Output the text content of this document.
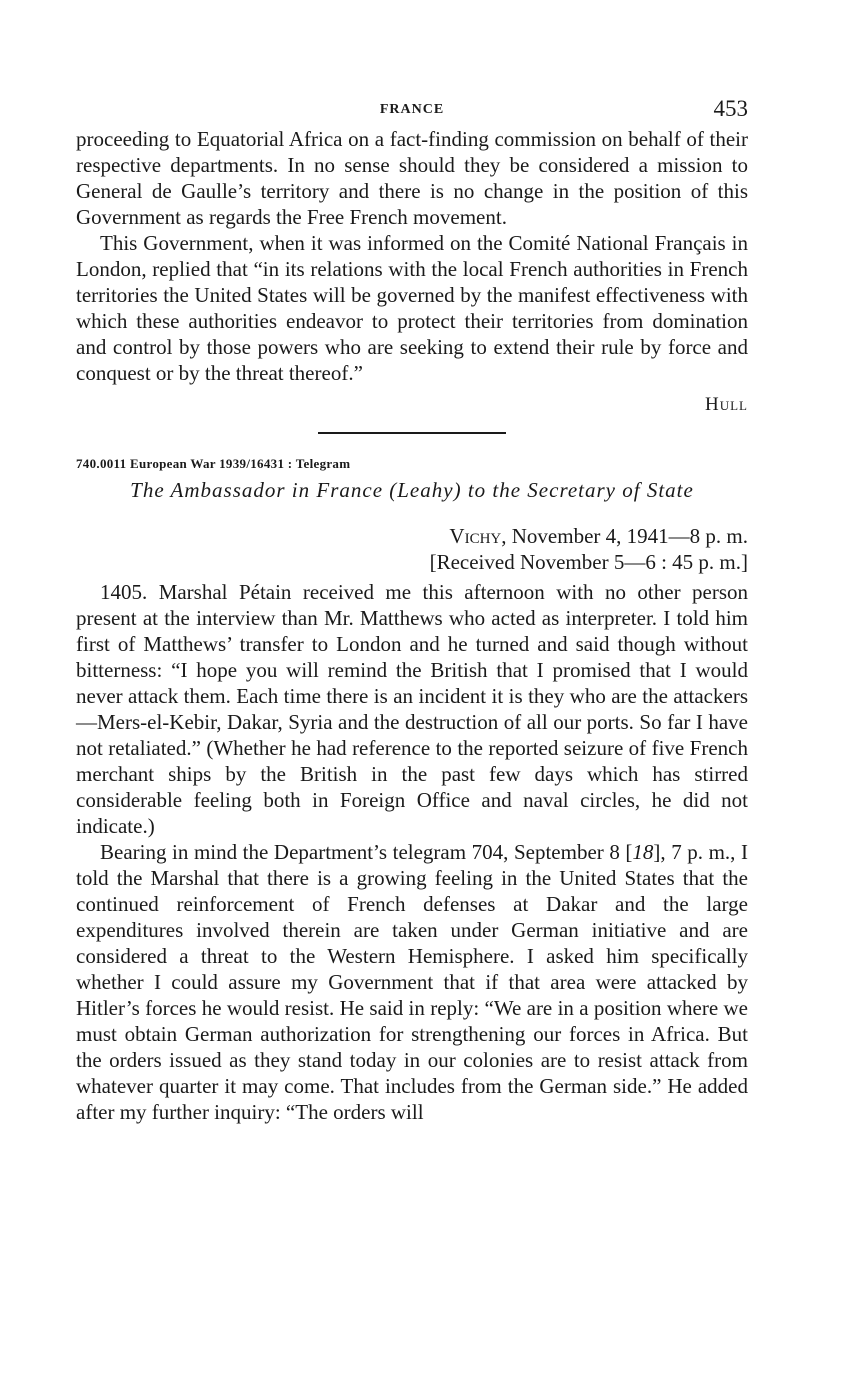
FRANCE	453

proceeding to Equatorial Africa on a fact-finding commission on behalf of their respective departments. In no sense should they be considered a mission to General de Gaulle’s territory and there is no change in the position of this Government as regards the Free French movement.

This Government, when it was informed on the Comité National Français in London, replied that “in its relations with the local French authorities in French territories the United States will be governed by the manifest effectiveness with which these authorities endeavor to protect their territories from domination and control by those powers who are seeking to extend their rule by force and conquest or by the threat thereof.”

Hull
740.0011 European War 1939/16431 : Telegram
The Ambassador in France (Leahy) to the Secretary of State
Vichy, November 4, 1941—8 p. m.
[Received November 5—6 : 45 p. m.]

1405. Marshal Pétain received me this afternoon with no other person present at the interview than Mr. Matthews who acted as interpreter. I told him first of Matthews’ transfer to London and he turned and said though without bitterness: “I hope you will remind the British that I promised that I would never attack them. Each time there is an incident it is they who are the attackers—Mers-el-Kebir, Dakar, Syria and the destruction of all our ports. So far I have not retaliated.” (Whether he had reference to the reported seizure of five French merchant ships by the British in the past few days which has stirred considerable feeling both in Foreign Office and naval circles, he did not indicate.)

Bearing in mind the Department’s telegram 704, September 8 [18], 7 p. m., I told the Marshal that there is a growing feeling in the United States that the continued reinforcement of French defenses at Dakar and the large expenditures involved therein are taken under German initiative and are considered a threat to the Western Hemisphere. I asked him specifically whether I could assure my Government that if that area were attacked by Hitler’s forces he would resist. He said in reply: “We are in a position where we must obtain German authorization for strengthening our forces in Africa. But the orders issued as they stand today in our colonies are to resist attack from whatever quarter it may come. That includes from the German side.” He added after my further inquiry: “The orders will
